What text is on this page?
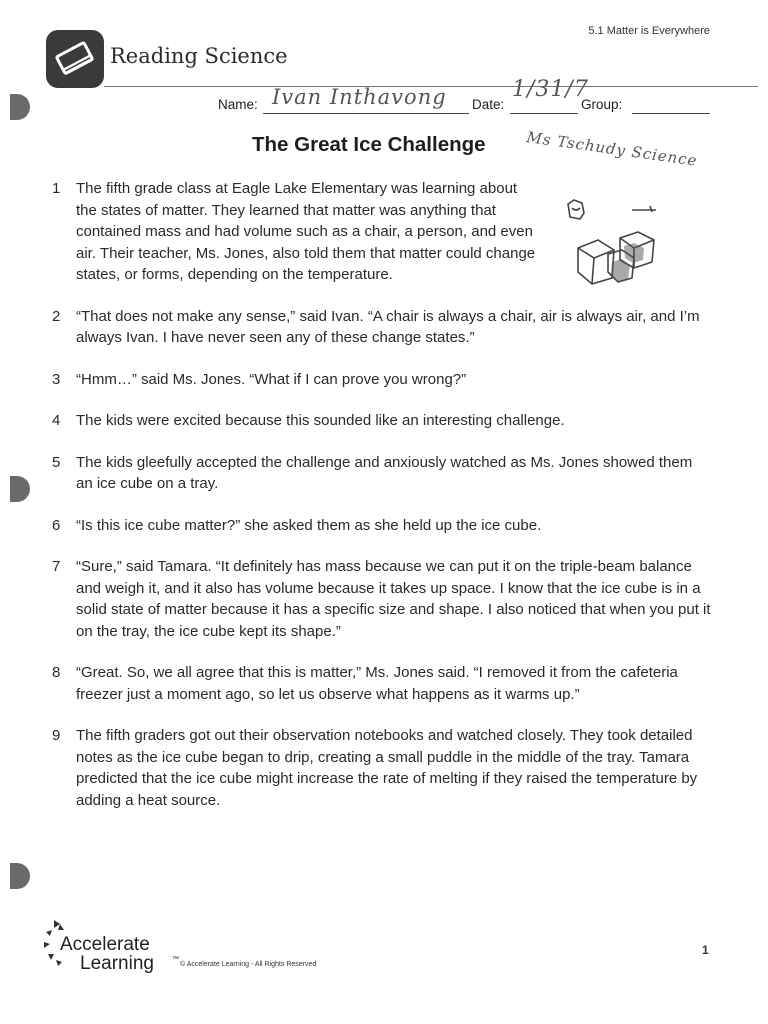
5.1 Matter is Everywhere
Reading Science
Name: Ivan Inthavong Date:
1/31/7
Group:
Ms Tschudy Science
The Great Ice Challenge
1	The fifth grade class at Eagle Lake Elementary was learning about the states of matter. They learned that matter was anything that contained mass and had volume such as a chair, a person, and even air. Their teacher, Ms. Jones, also told them that matter could change states, or forms, depending on the temperature.
2	“That does not make any sense,” said Ivan. “A chair is always a chair, air is always air, and I’m always Ivan. I have never seen any of these change states.”
3	“Hmm…” said Ms. Jones. “What if I can prove you wrong?”
4	The kids were excited because this sounded like an interesting challenge.
5	The kids gleefully accepted the challenge and anxiously watched as Ms. Jones showed them an ice cube on a tray.
6	“Is this ice cube matter?” she asked them as she held up the ice cube.
7	“Sure,” said Tamara. “It definitely has mass because we can put it on the triple-beam balance and weigh it, and it also has volume because it takes up space. I know that the ice cube is in a solid state of matter because it has a specific size and shape. I also noticed that when you put it on the tray, the ice cube kept its shape.”
8	“Great. So, we all agree that this is matter,” Ms. Jones said. “I removed it from the cafeteria freezer just a moment ago, so let us observe what happens as it warms up.”
9	The fifth graders got out their observation notebooks and watched closely. They took detailed notes as the ice cube began to drip, creating a small puddle in the middle of the tray. Tamara predicted that the ice cube might increase the rate of melting if they raised the temperature by adding a heat source.
Accelerate
Learning	™
© Accelerate Learning - All Rights Reserved
1
